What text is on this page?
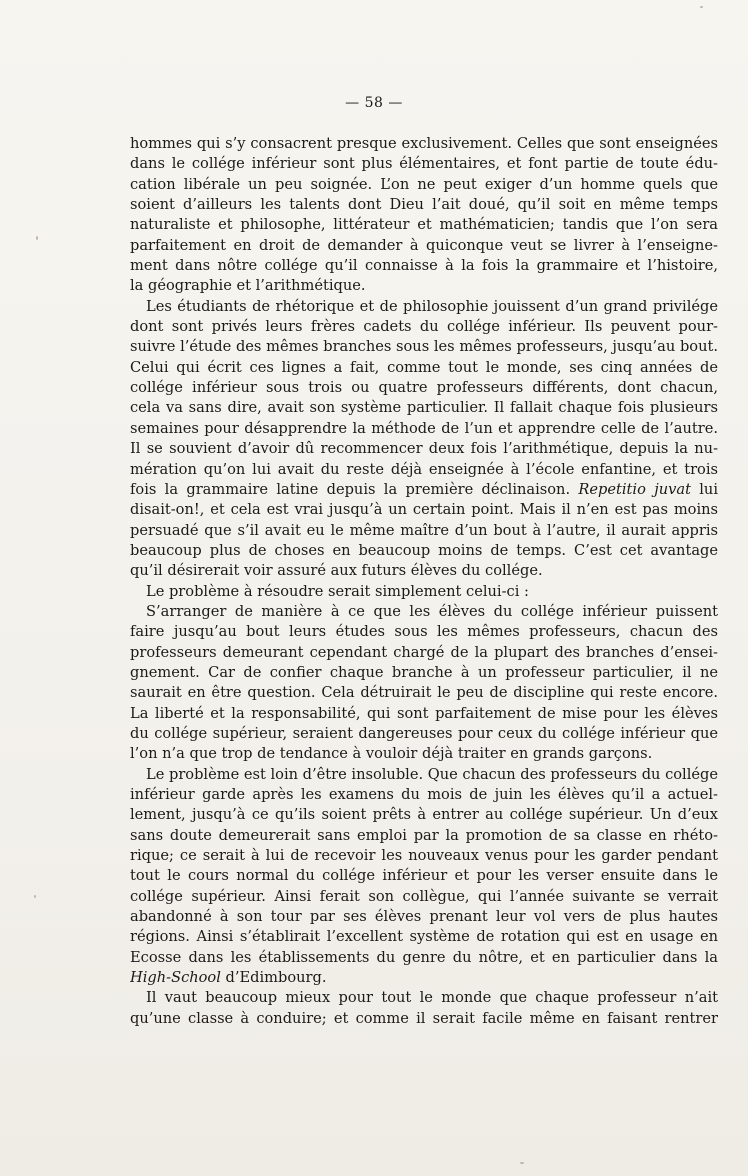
— 58 —
hommes qui s’y consacrent presque exclusivement. Celles que sont enseignées
dans le collége inférieur sont plus élémentaires, et font partie de toute édu-
cation libérale un peu soignée. L’on ne peut exiger d’un homme quels que
soient d’ailleurs les talents dont Dieu l’ait doué, qu’il soit en même temps
naturaliste et philosophe, littérateur et mathématicien; tandis que l’on sera
parfaitement en droit de demander à quiconque veut se livrer à l’enseigne-
ment dans nôtre collége qu’il connaisse à la fois la grammaire et l’histoire,
la géographie et l’arithmétique.
Les étudiants de rhétorique et de philosophie jouissent d’un grand privilége
dont sont privés leurs frères cadets du collége inférieur. Ils peuvent pour-
suivre l’étude des mêmes branches sous les mêmes professeurs, jusqu’au bout.
Celui qui écrit ces lignes a fait, comme tout le monde, ses cinq années de
collége inférieur sous trois ou quatre professeurs différents, dont chacun,
cela va sans dire, avait son système particulier. Il fallait chaque fois plusieurs
semaines pour désapprendre la méthode de l’un et apprendre celle de l’autre.
Il se souvient d’avoir dû recommencer deux fois l’arithmétique, depuis la nu-
mération qu’on lui avait du reste déjà enseignée à l’école enfantine, et trois
fois la grammaire latine depuis la première déclinaison. Repetitio juvat lui
disait-on!, et cela est vrai jusqu’à un certain point. Mais il n’en est pas moins
persuadé que s’il avait eu le même maître d’un bout à l’autre, il aurait appris
beaucoup plus de choses en beaucoup moins de temps. C’est cet avantage
qu’il désirerait voir assuré aux futurs élèves du collége.
Le problème à résoudre serait simplement celui-ci :
S’arranger de manière à ce que les élèves du collége inférieur puissent
faire jusqu’au bout leurs études sous les mêmes professeurs, chacun des
professeurs demeurant cependant chargé de la plupart des branches d’ensei-
gnement. Car de confier chaque branche à un professeur particulier, il ne
saurait en être question. Cela détruirait le peu de discipline qui reste encore.
La liberté et la responsabilité, qui sont parfaitement de mise pour les élèves
du collége supérieur, seraient dangereuses pour ceux du collége inférieur que
l’on n’a que trop de tendance à vouloir déjà traiter en grands garçons.
Le problème est loin d’être insoluble. Que chacun des professeurs du collége
inférieur garde après les examens du mois de juin les élèves qu’il a actuel-
lement, jusqu’à ce qu’ils soient prêts à entrer au collége supérieur. Un d’eux
sans doute demeurerait sans emploi par la promotion de sa classe en rhéto-
rique; ce serait à lui de recevoir les nouveaux venus pour les garder pendant
tout le cours normal du collége inférieur et pour les verser ensuite dans le
collége supérieur. Ainsi ferait son collègue, qui l’année suivante se verrait
abandonné à son tour par ses élèves prenant leur vol vers de plus hautes
régions. Ainsi s’établirait l’excellent système de rotation qui est en usage en
Ecosse dans les établissements du genre du nôtre, et en particulier dans la
High-School d’Edimbourg.
Il vaut beaucoup mieux pour tout le monde que chaque professeur n’ait
qu’une classe à conduire; et comme il serait facile même en faisant rentrer
